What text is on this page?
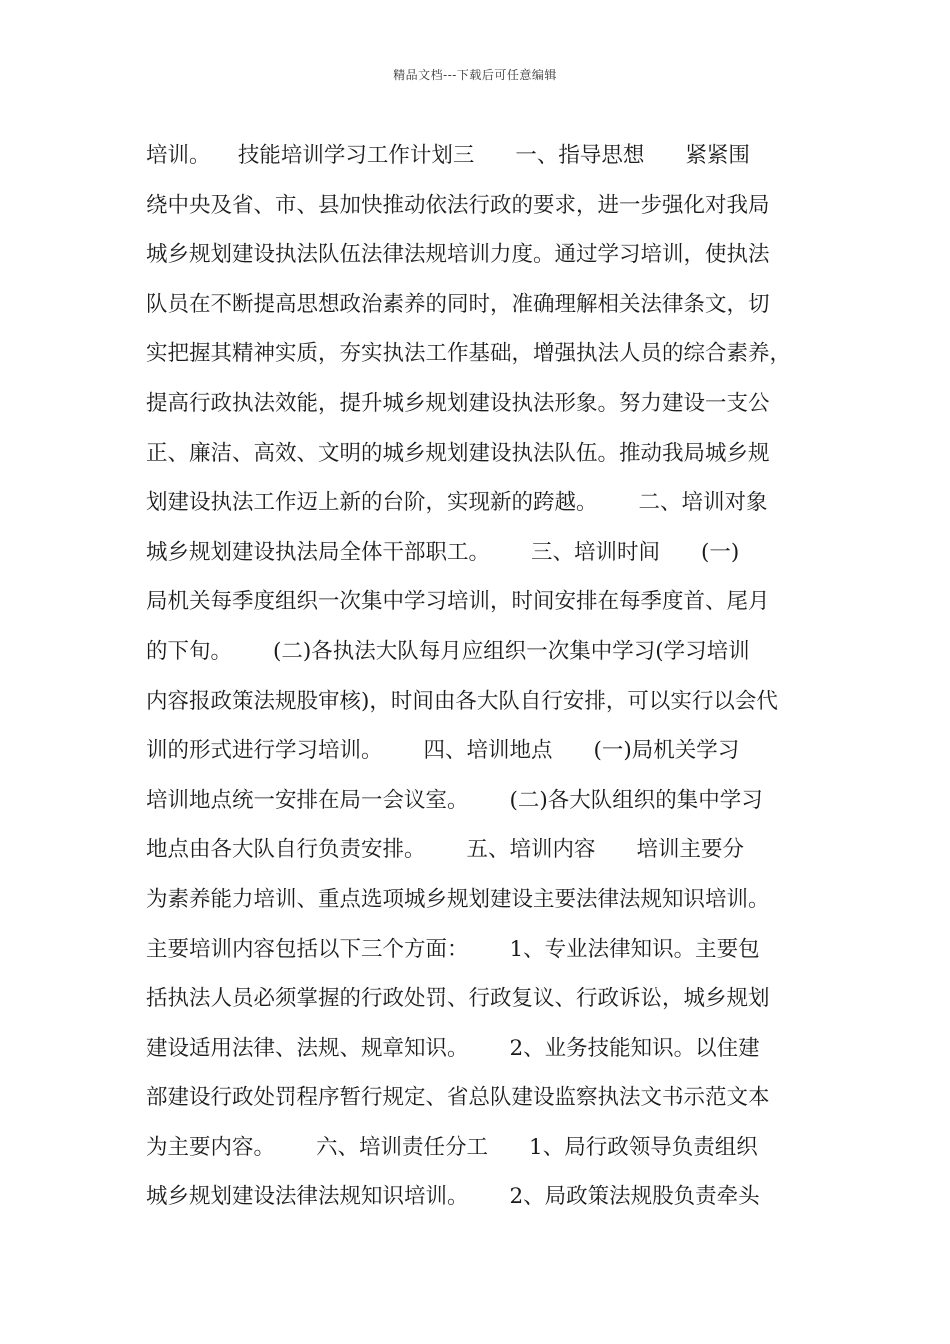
精品文档---下载后可任意编辑
培训。    技能培训学习工作计划三      一、指导思想      紧紧围
绕中央及省、市、县加快推动依法行政的要求，进一步强化对我局
城乡规划建设执法队伍法律法规培训力度。通过学习培训，使执法
队员在不断提高思想政治素养的同时，准确理解相关法律条文，切
实把握其精神实质，夯实执法工作基础，增强执法人员的综合素养，
提高行政执法效能，提升城乡规划建设执法形象。努力建设一支公
正、廉洁、高效、文明的城乡规划建设执法队伍。推动我局城乡规
划建设执法工作迈上新的台阶，实现新的跨越。      二、培训对象
城乡规划建设执法局全体干部职工。      三、培训时间      (一)
局机关每季度组织一次集中学习培训，时间安排在每季度首、尾月
的下旬。      (二)各执法大队每月应组织一次集中学习(学习培训
内容报政策法规股审核)，时间由各大队自行安排，可以实行以会代
训的形式进行学习培训。      四、培训地点      (一)局机关学习
培训地点统一安排在局一会议室。      (二)各大队组织的集中学习
地点由各大队自行负责安排。      五、培训内容      培训主要分
为素养能力培训、重点选项城乡规划建设主要法律法规知识培训。
主要培训内容包括以下三个方面：      1、专业法律知识。主要包
括执法人员必须掌握的行政处罚、行政复议、行政诉讼，城乡规划
建设适用法律、法规、规章知识。      2、业务技能知识。以住建
部建设行政处罚程序暂行规定、省总队建设监察执法文书示范文本
为主要内容。      六、培训责任分工      1、局行政领导负责组织
城乡规划建设法律法规知识培训。      2、局政策法规股负责牵头
